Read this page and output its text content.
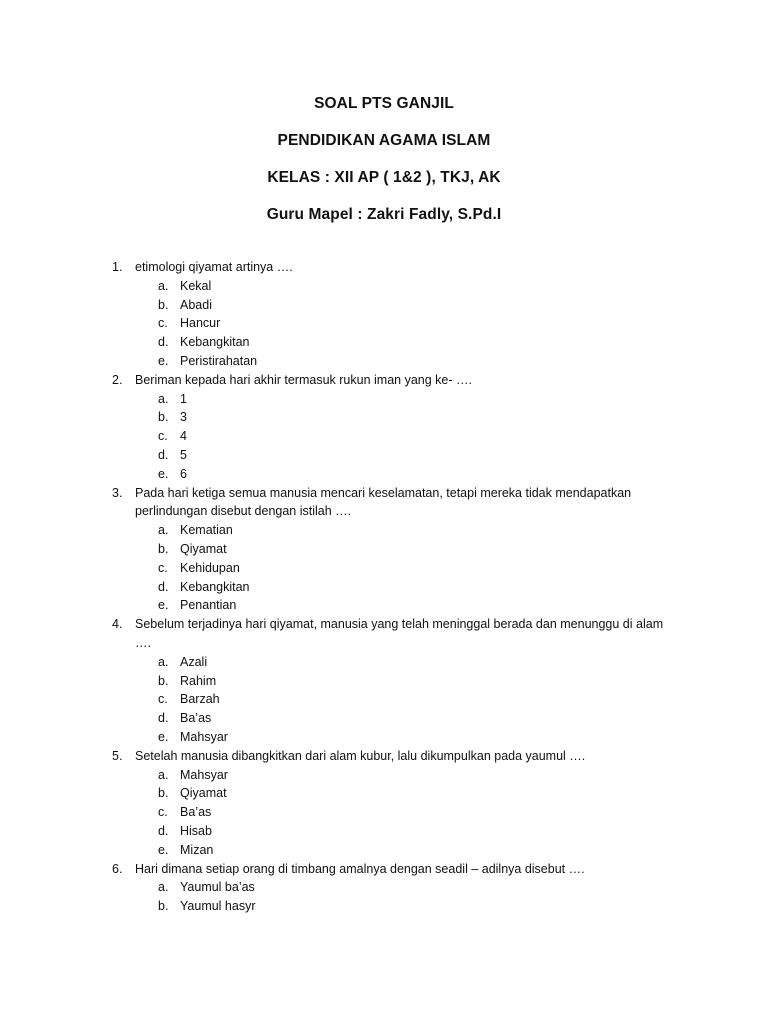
SOAL PTS GANJIL
PENDIDIKAN AGAMA ISLAM
KELAS : XII AP ( 1&2 ), TKJ, AK
Guru Mapel : Zakri Fadly, S.Pd.I
1.	etimologi qiyamat artinya ….
a. Kekal
b. Abadi
c. Hancur
d. Kebangkitan
e. Peristirahatan
2.	Beriman kepada hari akhir termasuk rukun iman yang ke- ….
a. 1
b. 3
c. 4
d. 5
e. 6
3.	Pada hari ketiga semua manusia mencari keselamatan, tetapi mereka tidak mendapatkan perlindungan disebut dengan istilah ….
a. Kematian
b. Qiyamat
c. Kehidupan
d. Kebangkitan
e. Penantian
4.	Sebelum terjadinya hari qiyamat, manusia yang telah meninggal berada dan menunggu di alam ….
a. Azali
b. Rahim
c. Barzah
d. Ba’as
e. Mahsyar
5.	Setelah manusia dibangkitkan dari alam kubur, lalu dikumpulkan pada yaumul ….
a. Mahsyar
b. Qiyamat
c. Ba’as
d. Hisab
e. Mizan
6.	Hari dimana setiap orang di timbang amalnya dengan seadil – adilnya disebut ….
a. Yaumul ba’as
b. Yaumul hasyr
